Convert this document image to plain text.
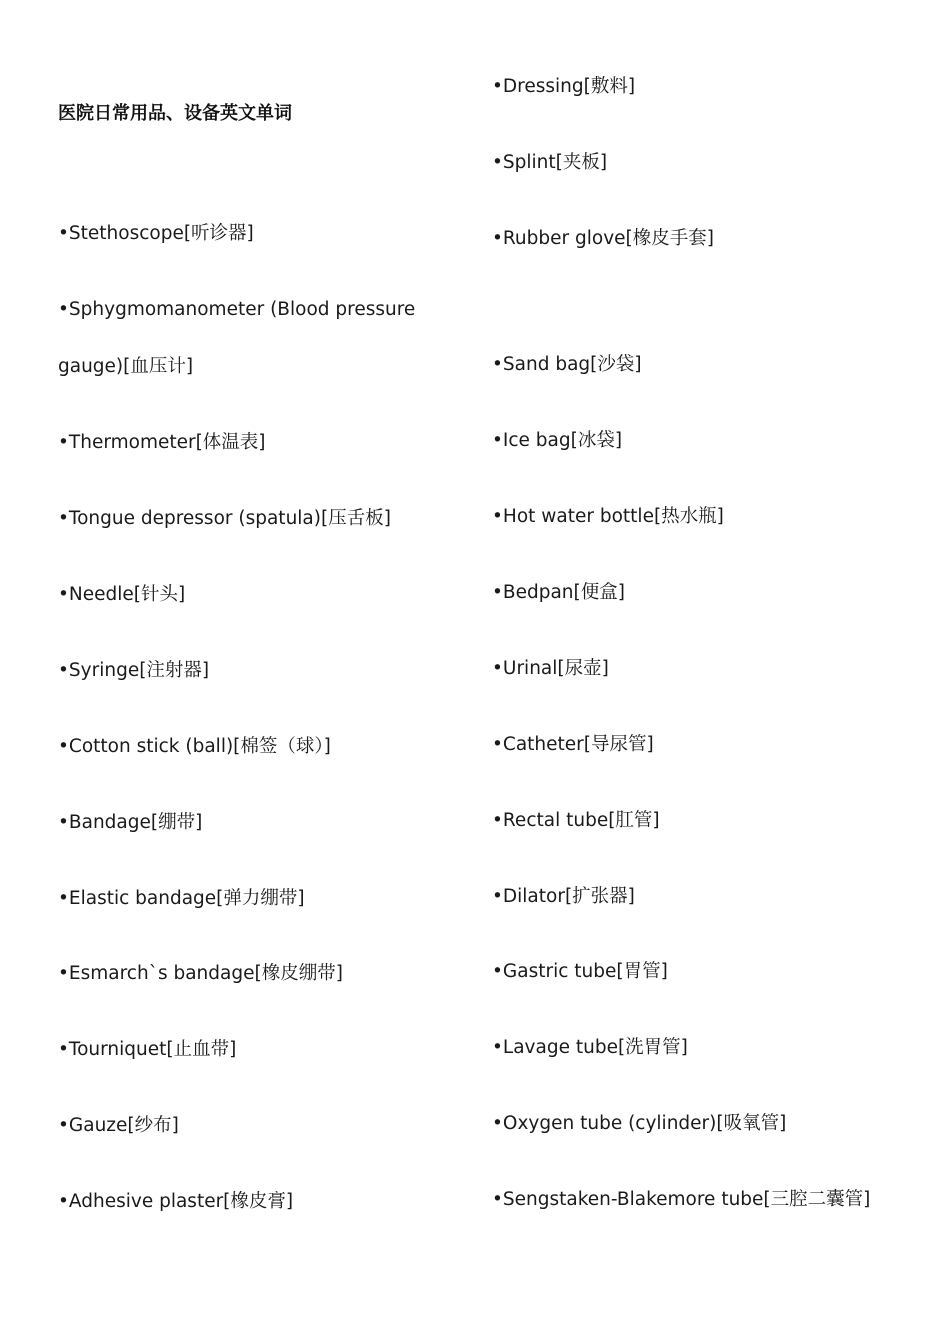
医院日常用品、设备英文单词
•Stethoscope[听诊器]
•Sphygmomanometer (Blood pressure
gauge)[血压计]
•Thermometer[体温表]
•Tongue depressor (spatula)[压舌板]
•Needle[针头]
•Syringe[注射器]
•Cotton stick (ball)[棉签（球）]
•Bandage[绷带]
•Elastic bandage[弹力绷带]
•Esmarch`s bandage[橡皮绷带]
•Tourniquet[止血带]
•Gauze[纱布]
•Adhesive plaster[橡皮膏]
•Dressing[敷料]
•Splint[夹板]
•Rubber glove[橡皮手套]
•Sand bag[沙袋]
•Ice bag[冰袋]
•Hot water bottle[热水瓶]
•Bedpan[便盒]
•Urinal[尿壶]
•Catheter[导尿管]
•Rectal tube[肛管]
•Dilator[扩张器]
•Gastric tube[胃管]
•Lavage tube[洗胃管]
•Oxygen tube (cylinder)[吸氧管]
•Sengstaken-Blakemore tube[三腔二囊管]
